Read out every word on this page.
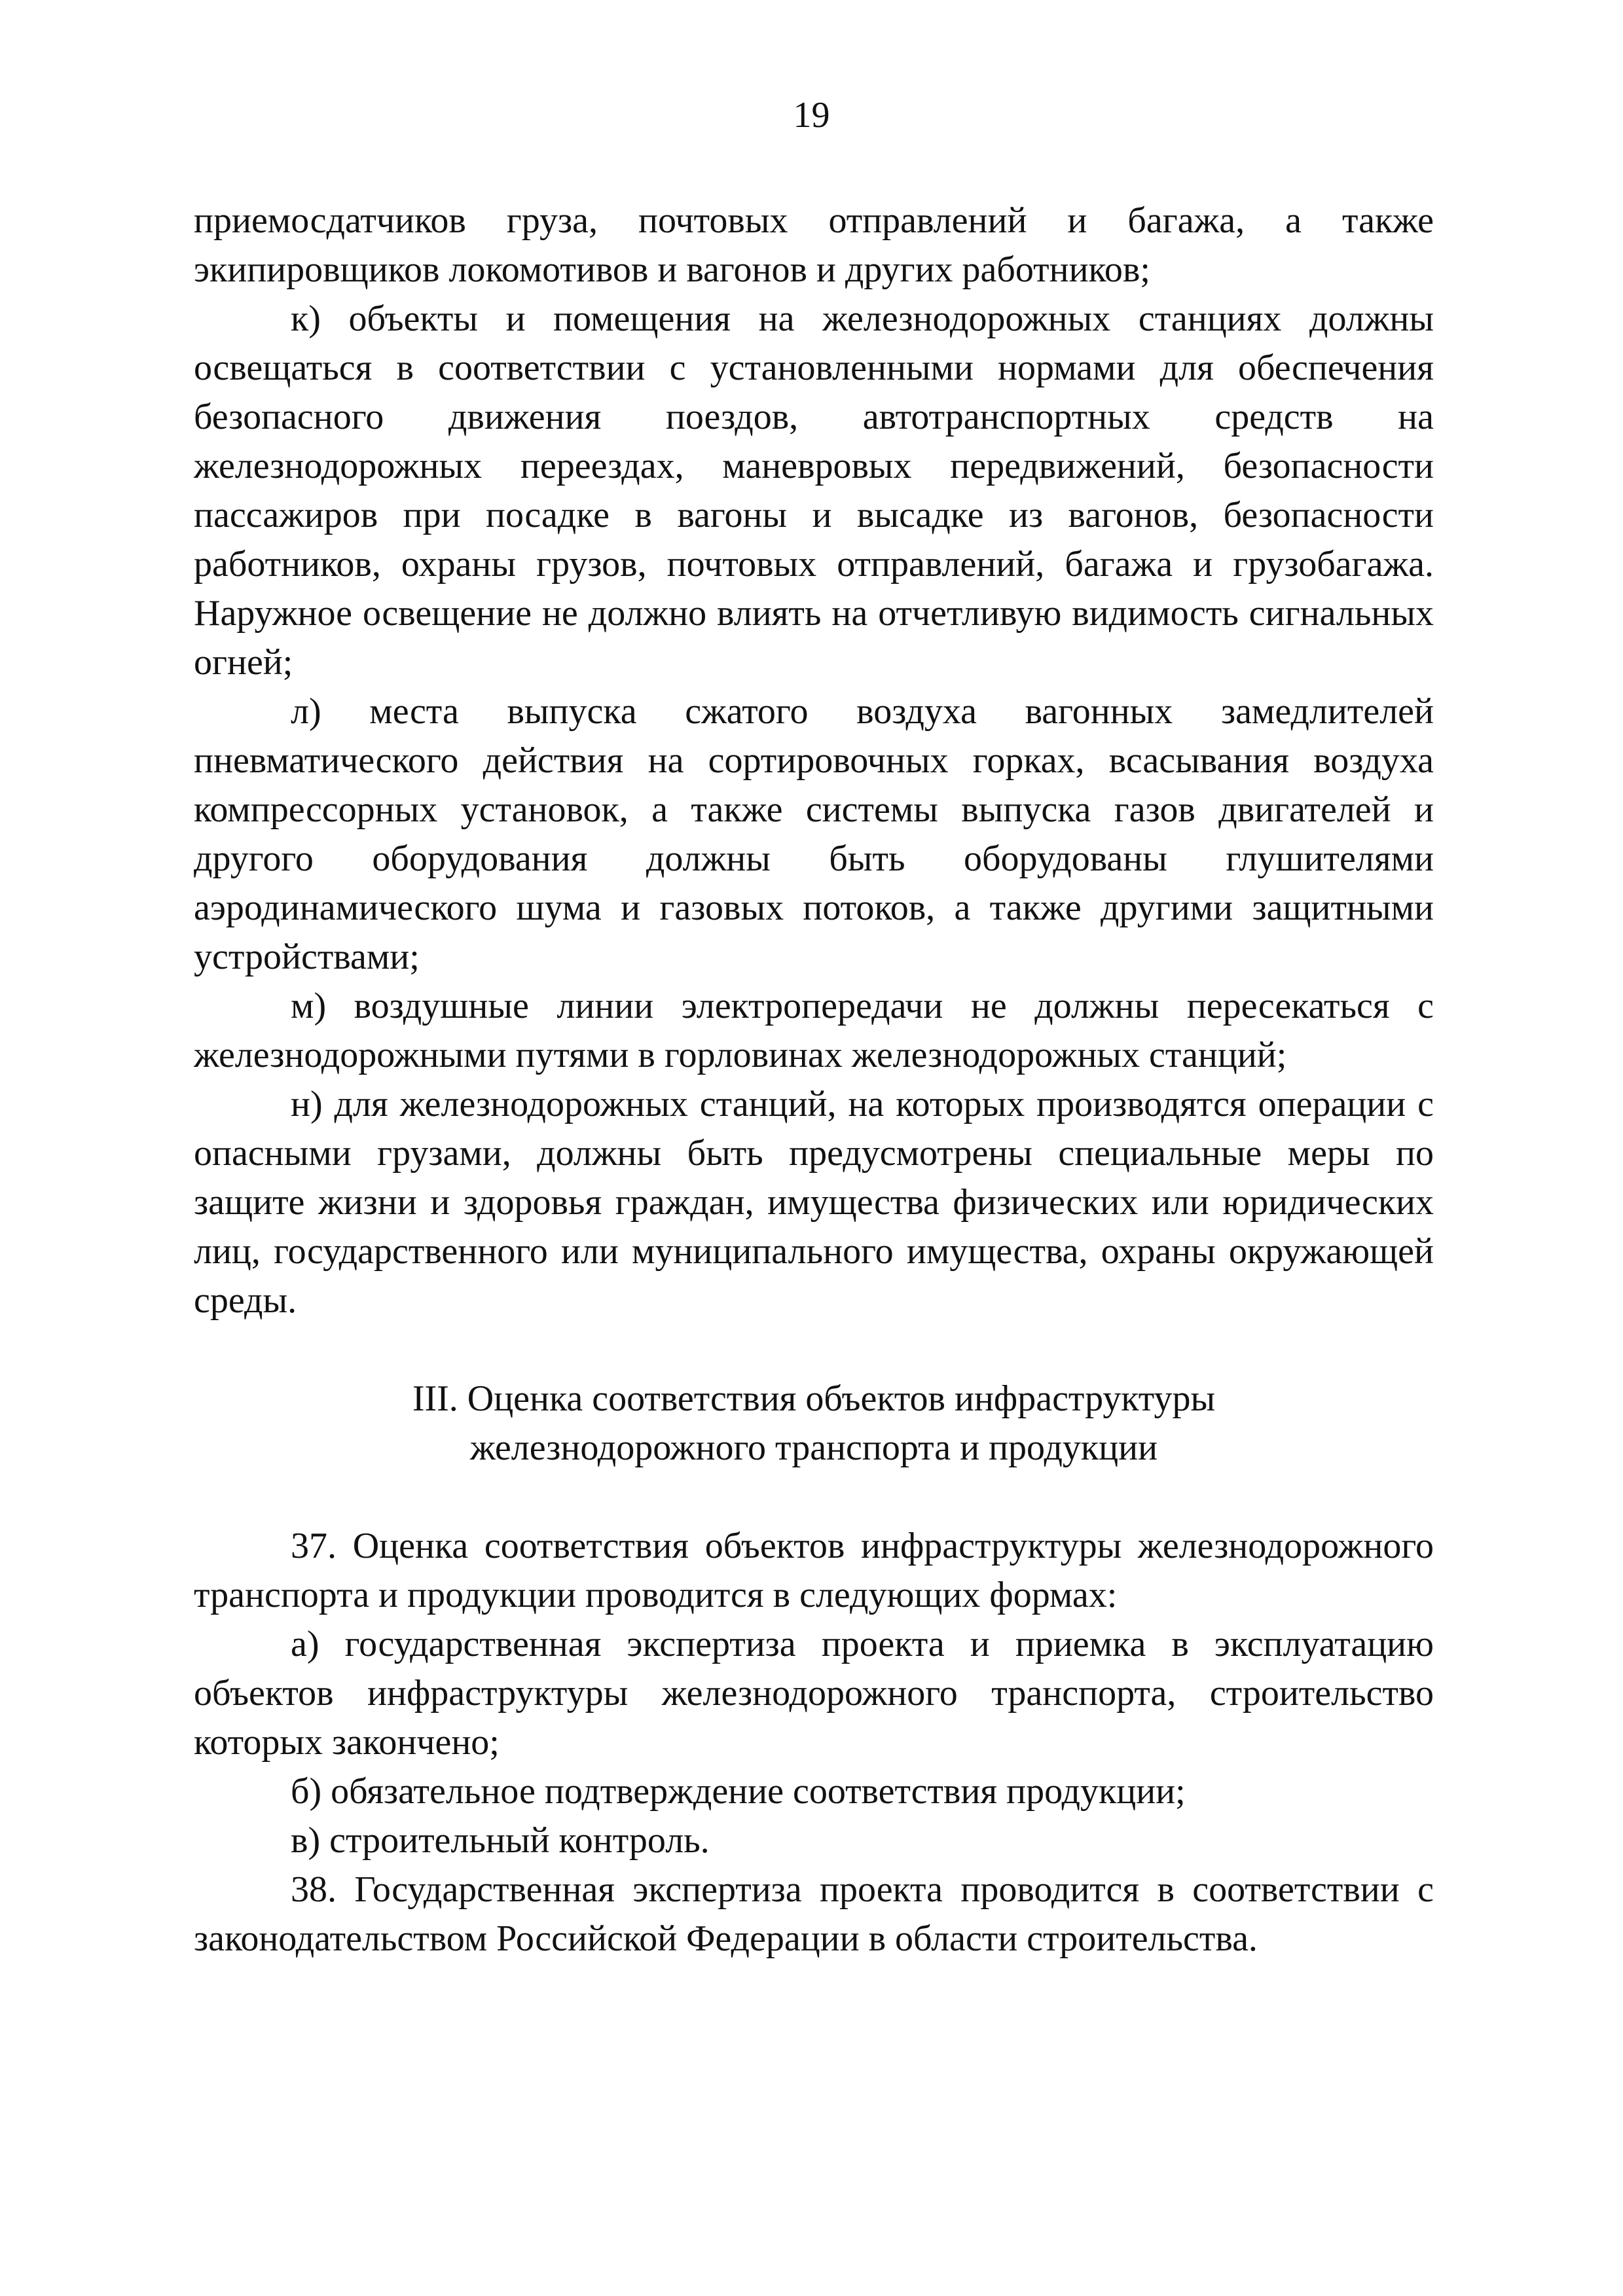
19

приемосдатчиков груза, почтовых отправлений и багажа, а также экипировщиков локомотивов и вагонов и других работников;

к) объекты и помещения на железнодорожных станциях должны освещаться в соответствии с установленными нормами для обеспечения безопасного движения поездов, автотранспортных средств на железнодорожных переездах, маневровых передвижений, безопасности пассажиров при посадке в вагоны и высадке из вагонов, безопасности работников, охраны грузов, почтовых отправлений, багажа и грузобагажа. Наружное освещение не должно влиять на отчетливую видимость сигнальных огней;

л) места выпуска сжатого воздуха вагонных замедлителей пневматического действия на сортировочных горках, всасывания воздуха компрессорных установок, а также системы выпуска газов двигателей и другого оборудования должны быть оборудованы глушителями аэродинамического шума и газовых потоков, а также другими защитными устройствами;

м) воздушные линии электропередачи не должны пересекаться с железнодорожными путями в горловинах железнодорожных станций;

н) для железнодорожных станций, на которых производятся операции с опасными грузами, должны быть предусмотрены специальные меры по защите жизни и здоровья граждан, имущества физических или юридических лиц, государственного или муниципального имущества, охраны окружающей среды.

III. Оценка соответствия объектов инфраструктуры
железнодорожного транспорта и продукции

37. Оценка соответствия объектов инфраструктуры железнодорожного транспорта и продукции проводится в следующих формах:

а) государственная экспертиза проекта и приемка в эксплуатацию объектов инфраструктуры железнодорожного транспорта, строительство которых закончено;

б) обязательное подтверждение соответствия продукции;

в) строительный контроль.

38. Государственная экспертиза проекта проводится в соответствии с законодательством Российской Федерации в области строительства.
